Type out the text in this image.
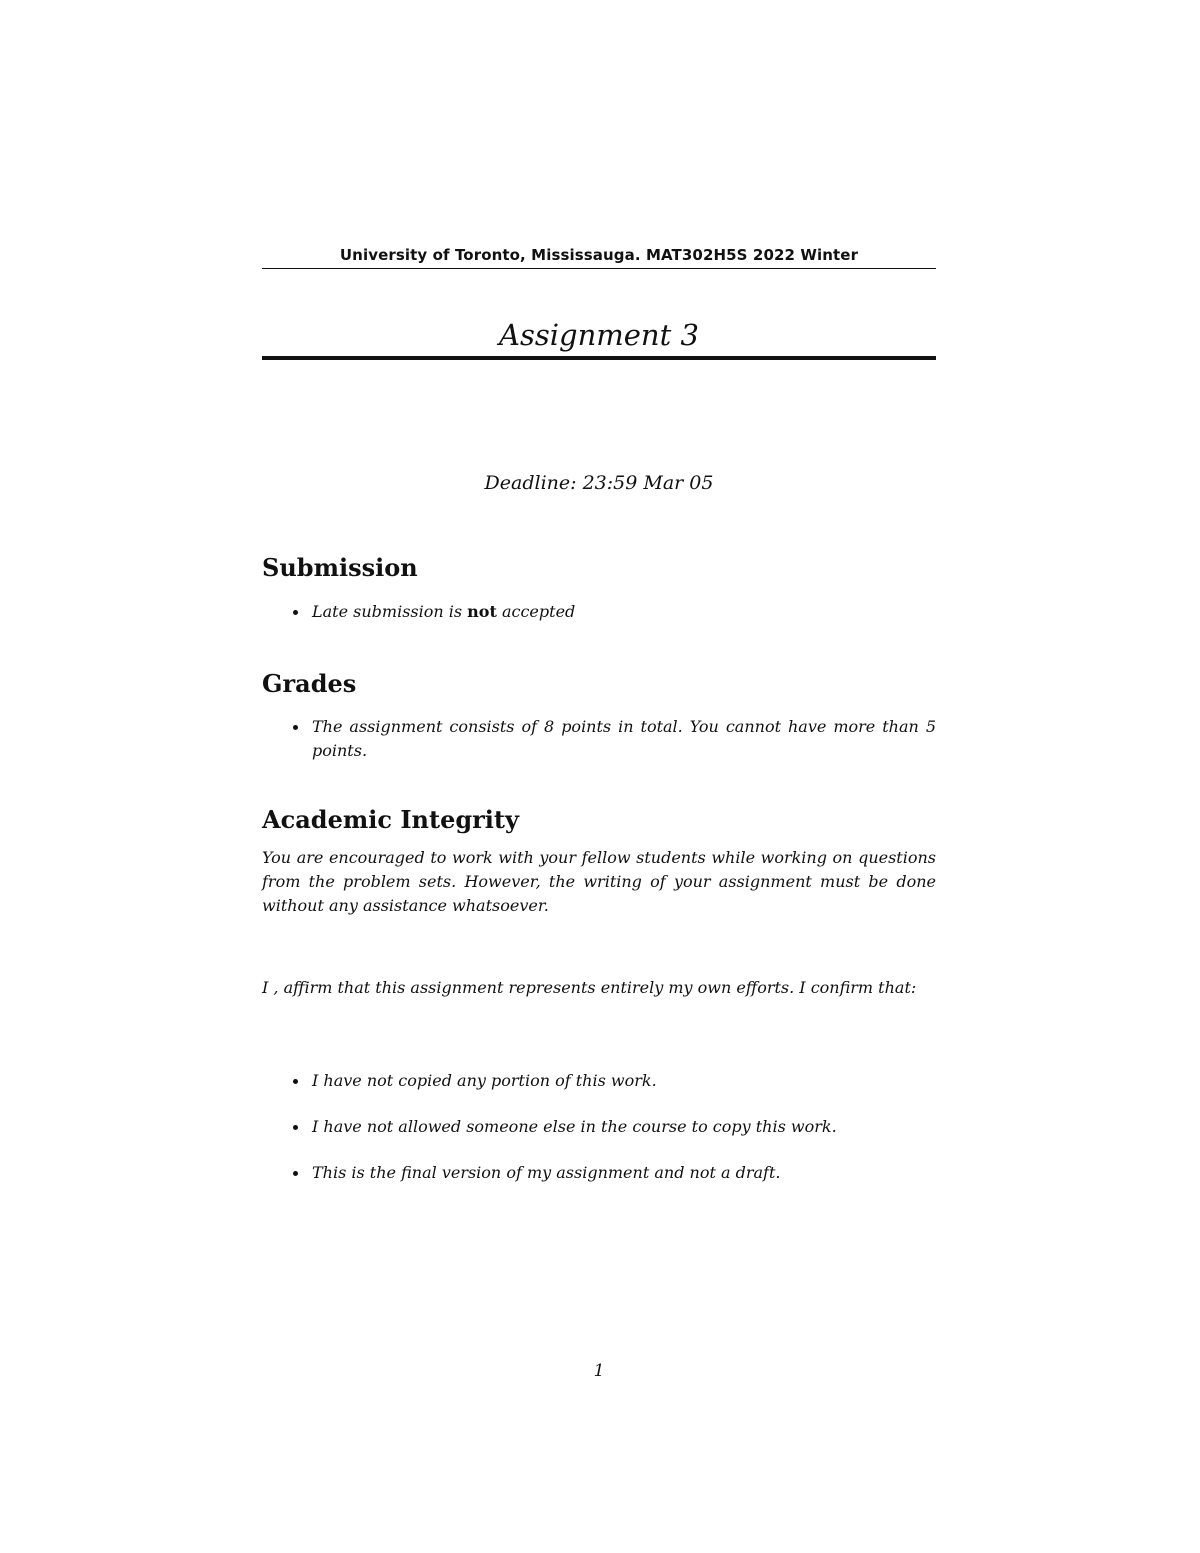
University of Toronto, Mississauga. MAT302H5S 2022 Winter
Assignment 3
Deadline: 23:59 Mar 05
Submission
Late submission is not accepted
Grades
The assignment consists of 8 points in total. You cannot have more than 5 points.
Academic Integrity

You are encouraged to work with your fellow students while working on questions from the problem sets. However, the writing of your assignment must be done without any assistance whatsoever.

I , affirm that this assignment represents entirely my own efforts. I confirm that:

I have not copied any portion of this work.
I have not allowed someone else in the course to copy this work.
This is the final version of my assignment and not a draft.
1
